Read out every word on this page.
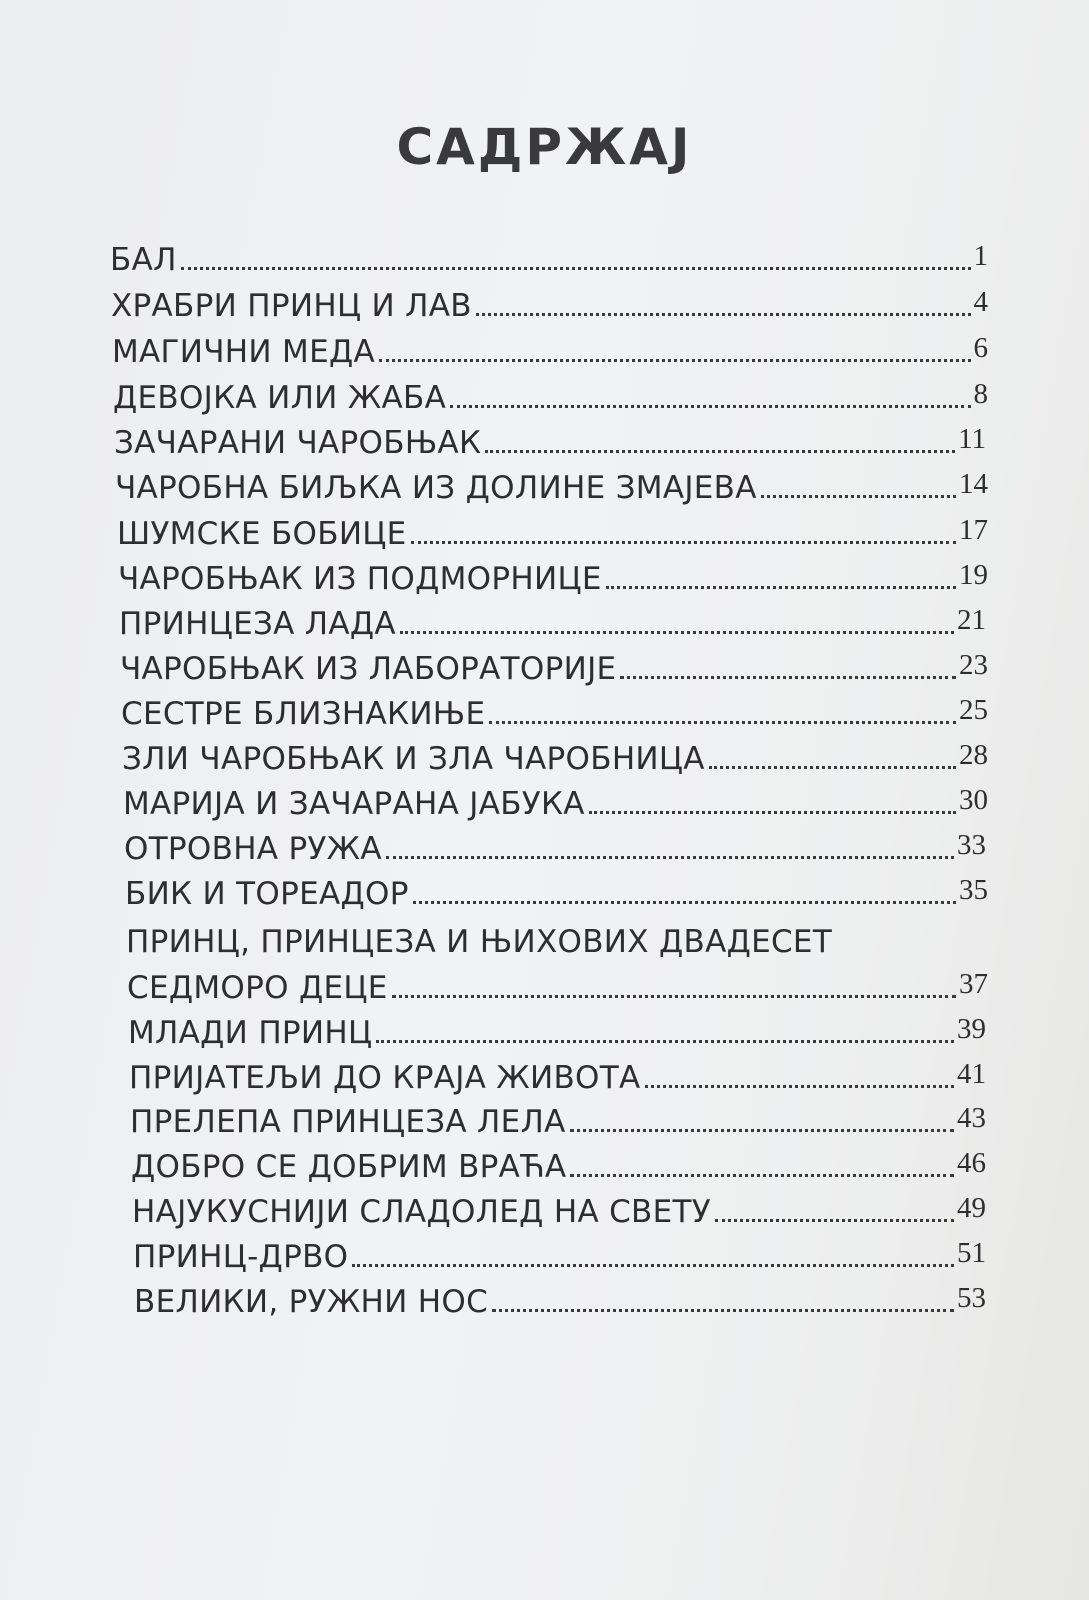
САДРЖАЈ
БАЛ	1
ХРАБРИ ПРИНЦ И ЛАВ	4
МАГИЧНИ МЕДА	6
ДЕВОЈКА ИЛИ ЖАБА	8
ЗАЧАРАНИ ЧАРОБЊАК	11
ЧАРОБНА БИЉКА ИЗ ДОЛИНЕ ЗМАЈЕВА	14
ШУМСКЕ БОБИЦЕ	17
ЧАРОБЊАК ИЗ ПОДМОРНИЦЕ	19
ПРИНЦЕЗА ЛАДА	21
ЧАРОБЊАК ИЗ ЛАБОРАТОРИЈЕ	23
СЕСТРЕ БЛИЗНАКИЊЕ	25
ЗЛИ ЧАРОБЊАК И ЗЛА ЧАРОБНИЦА	28
МАРИЈА И ЗАЧАРАНА ЈАБУКА	30
ОТРОВНА РУЖА	33
БИК И ТОРЕАДОР	35
ПРИНЦ, ПРИНЦЕЗА И ЊИХОВИХ ДВАДЕСЕТ
СЕДМОРО ДЕЦЕ	37
МЛАДИ ПРИНЦ	39
ПРИЈАТЕЉИ ДО КРАЈА ЖИВОТА	41
ПРЕЛЕПА ПРИНЦЕЗА ЛЕЛА	43
ДОБРО СЕ ДОБРИМ ВРАЋА	46
НАЈУКУСНИЈИ СЛАДОЛЕД НА СВЕТУ	49
ПРИНЦ-ДРВО	51
ВЕЛИКИ, РУЖНИ НОС	53
